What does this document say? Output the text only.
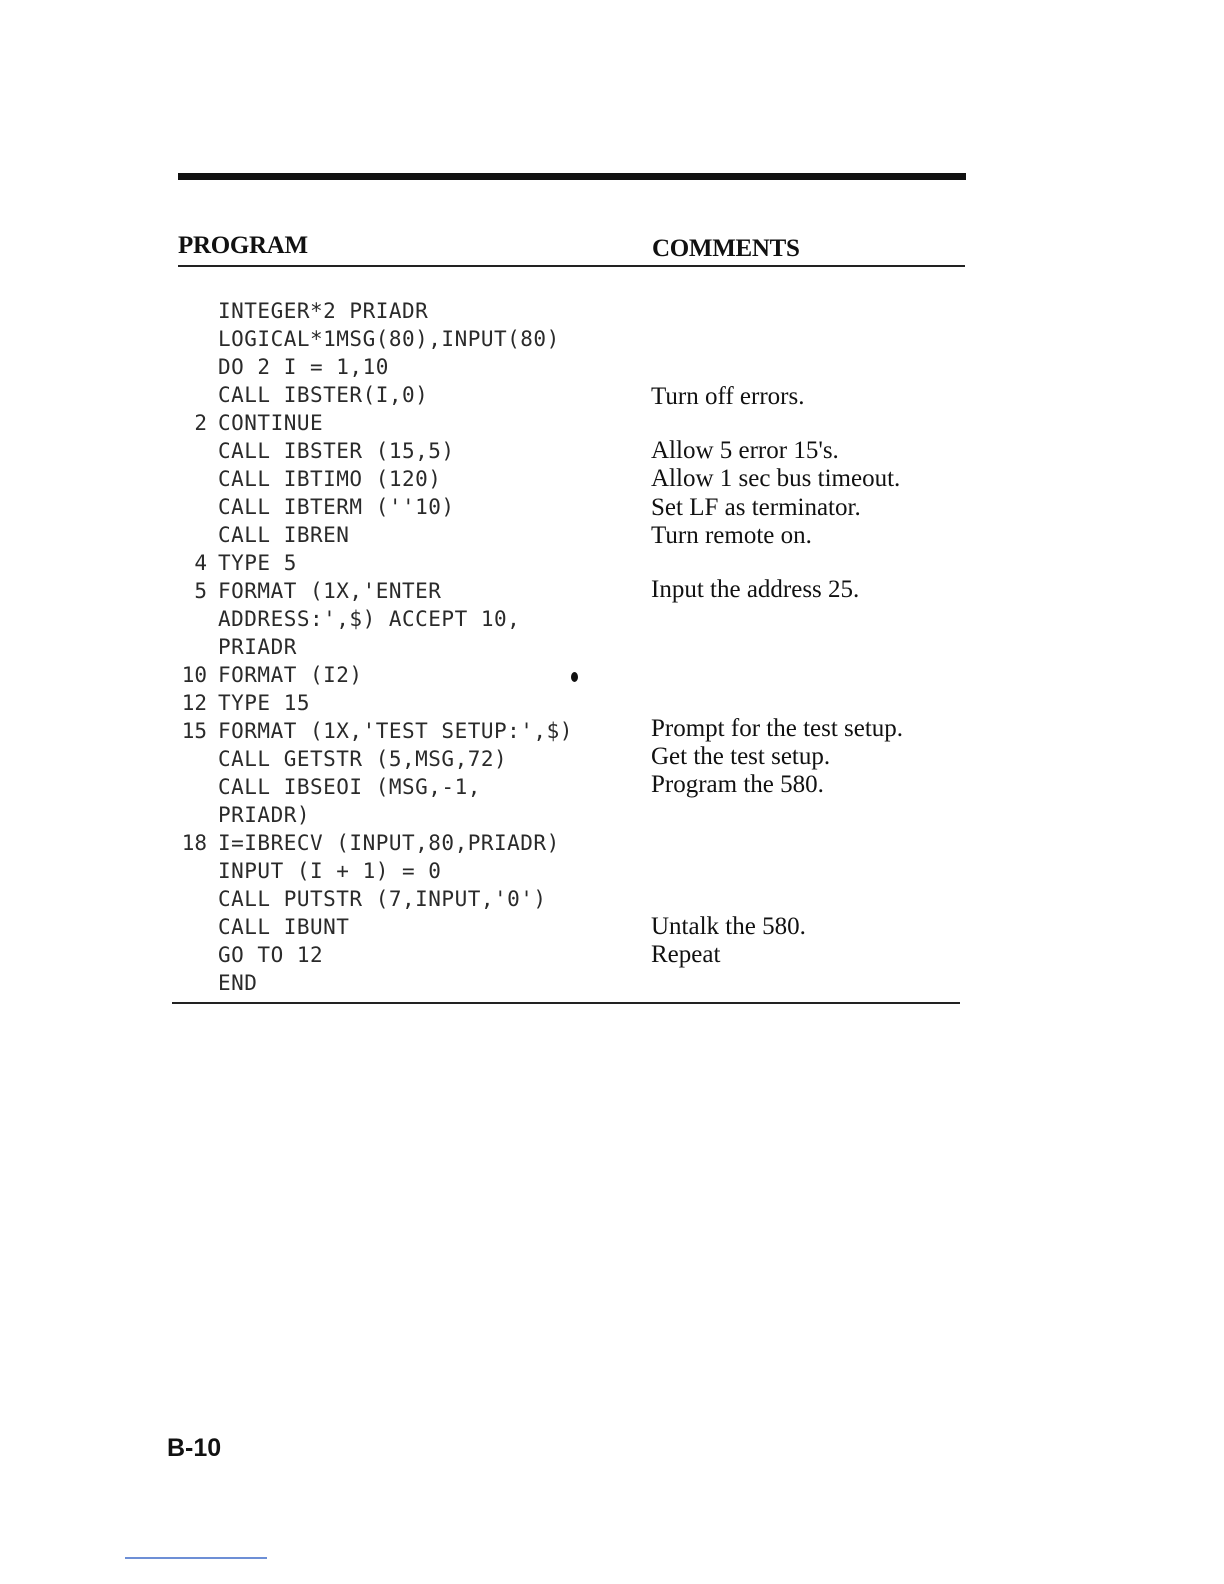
PROGRAM	COMMENTS
INTEGER*2 PRIADR
LOGICAL*1MSG(80),INPUT(80)
DO 2 I = 1,10
CALL IBSTER(I,0)	Turn off errors.
2 CONTINUE
CALL IBSTER (15,5)	Allow 5 error 15's.
CALL IBTIMO (120)	Allow 1 sec bus timeout.
CALL IBTERM (''10)	Set LF as terminator.
CALL IBREN	Turn remote on.
4 TYPE 5
5 FORMAT (1X,'ENTER	Input the address 25.
ADDRESS:',$) ACCEPT 10,
PRIADR
10 FORMAT (I2)
12 TYPE 15
15 FORMAT (1X,'TEST SETUP:',$)	Prompt for the test setup.
CALL GETSTR (5,MSG,72)	Get the test setup.
CALL IBSEOI (MSG,-1,	Program the 580.
PRIADR)
18 I=IBRECV (INPUT,80,PRIADR)
INPUT (I + 1) = 0
CALL PUTSTR (7,INPUT,'0')
CALL IBUNT	Untalk the 580.
GO TO 12	Repeat
END
B-10
